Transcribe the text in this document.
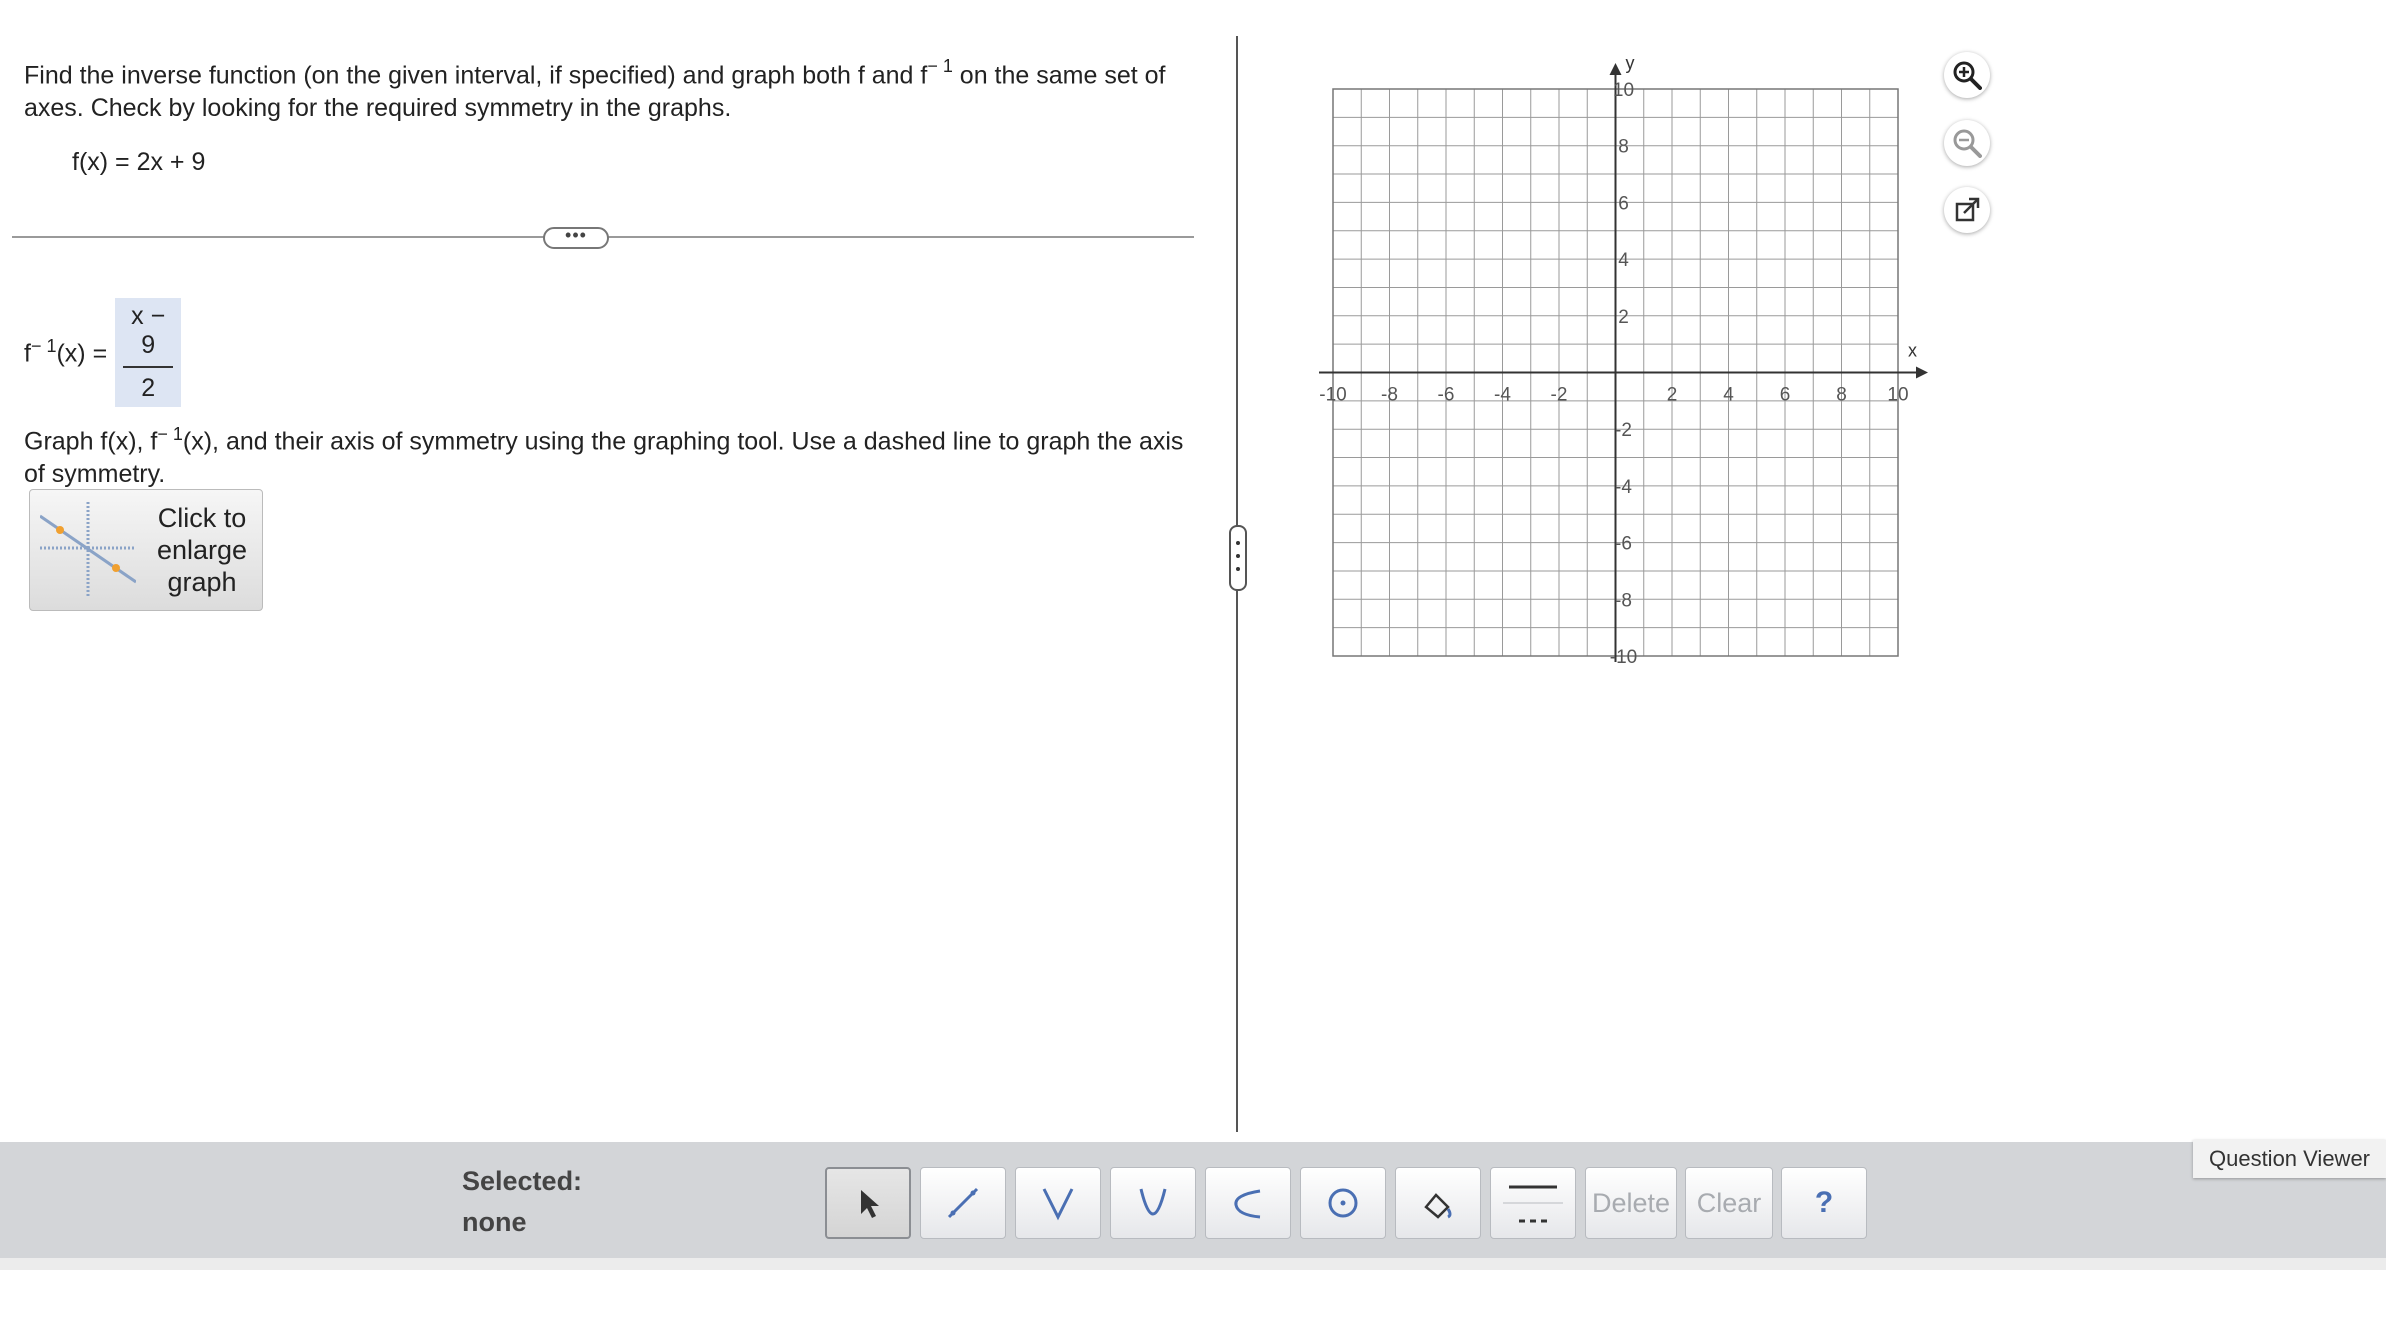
Find the inverse function (on the given interval, if specified) and graph both f and $f^{- 1}$ on the same set of axes. Check by looking for the required symmetry in the graphs.
f(x) = 2x + 9
•••
$f^{- 1}(x) = \frac{x - 9}{2}$
Graph f(x), $f^{- 1}(x)$, and their axis of symmetry using the graphing tool. Use a dashed line to graph the axis of symmetry.
Click to
enlarge
graph
x
y
-10 -8 -6 -4 -2	2 4 6 8 10
10
8
6
4
2
-2
-4
-6
-8
-10
Selected:
none
Delete Clear	?
Question Viewer
